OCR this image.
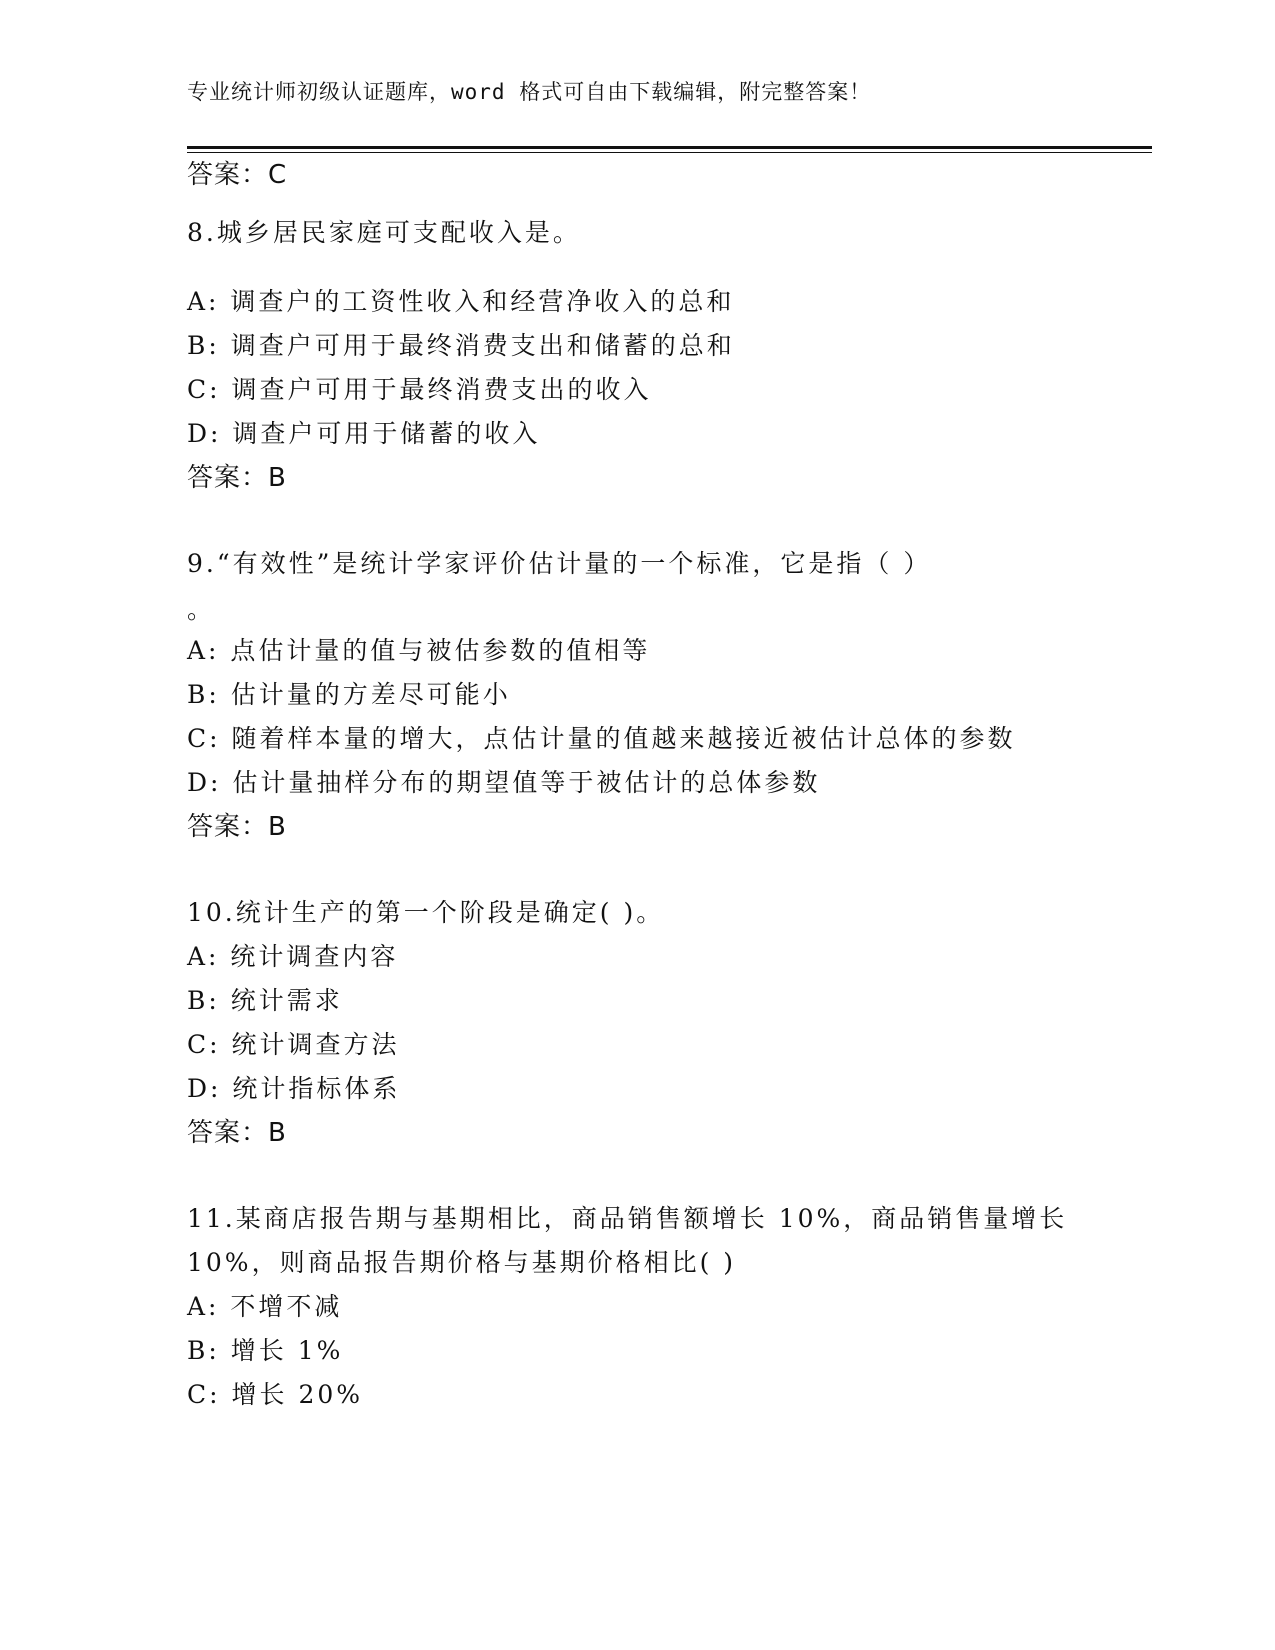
专业统计师初级认证题库，word 格式可自由下载编辑，附完整答案！
答案：C
8.城乡居民家庭可支配收入是。
A: 调查户的工资性收入和经营净收入的总和
B: 调查户可用于最终消费支出和储蓄的总和
C: 调查户可用于最终消费支出的收入
D: 调查户可用于储蓄的收入
答案：B
9.“有效性”是统计学家评价估计量的一个标准，它是指（ ）
。
A: 点估计量的值与被估参数的值相等
B: 估计量的方差尽可能小
C: 随着样本量的增大，点估计量的值越来越接近被估计总体的参数
D: 估计量抽样分布的期望值等于被估计的总体参数
答案：B
10.统计生产的第一个阶段是确定( )。
A: 统计调查内容
B: 统计需求
C: 统计调查方法
D: 统计指标体系
答案：B
11.某商店报告期与基期相比，商品销售额增长 10%，商品销售量增长
10%，则商品报告期价格与基期价格相比( )
A: 不增不减
B: 增长 1%
C: 增长 20%
